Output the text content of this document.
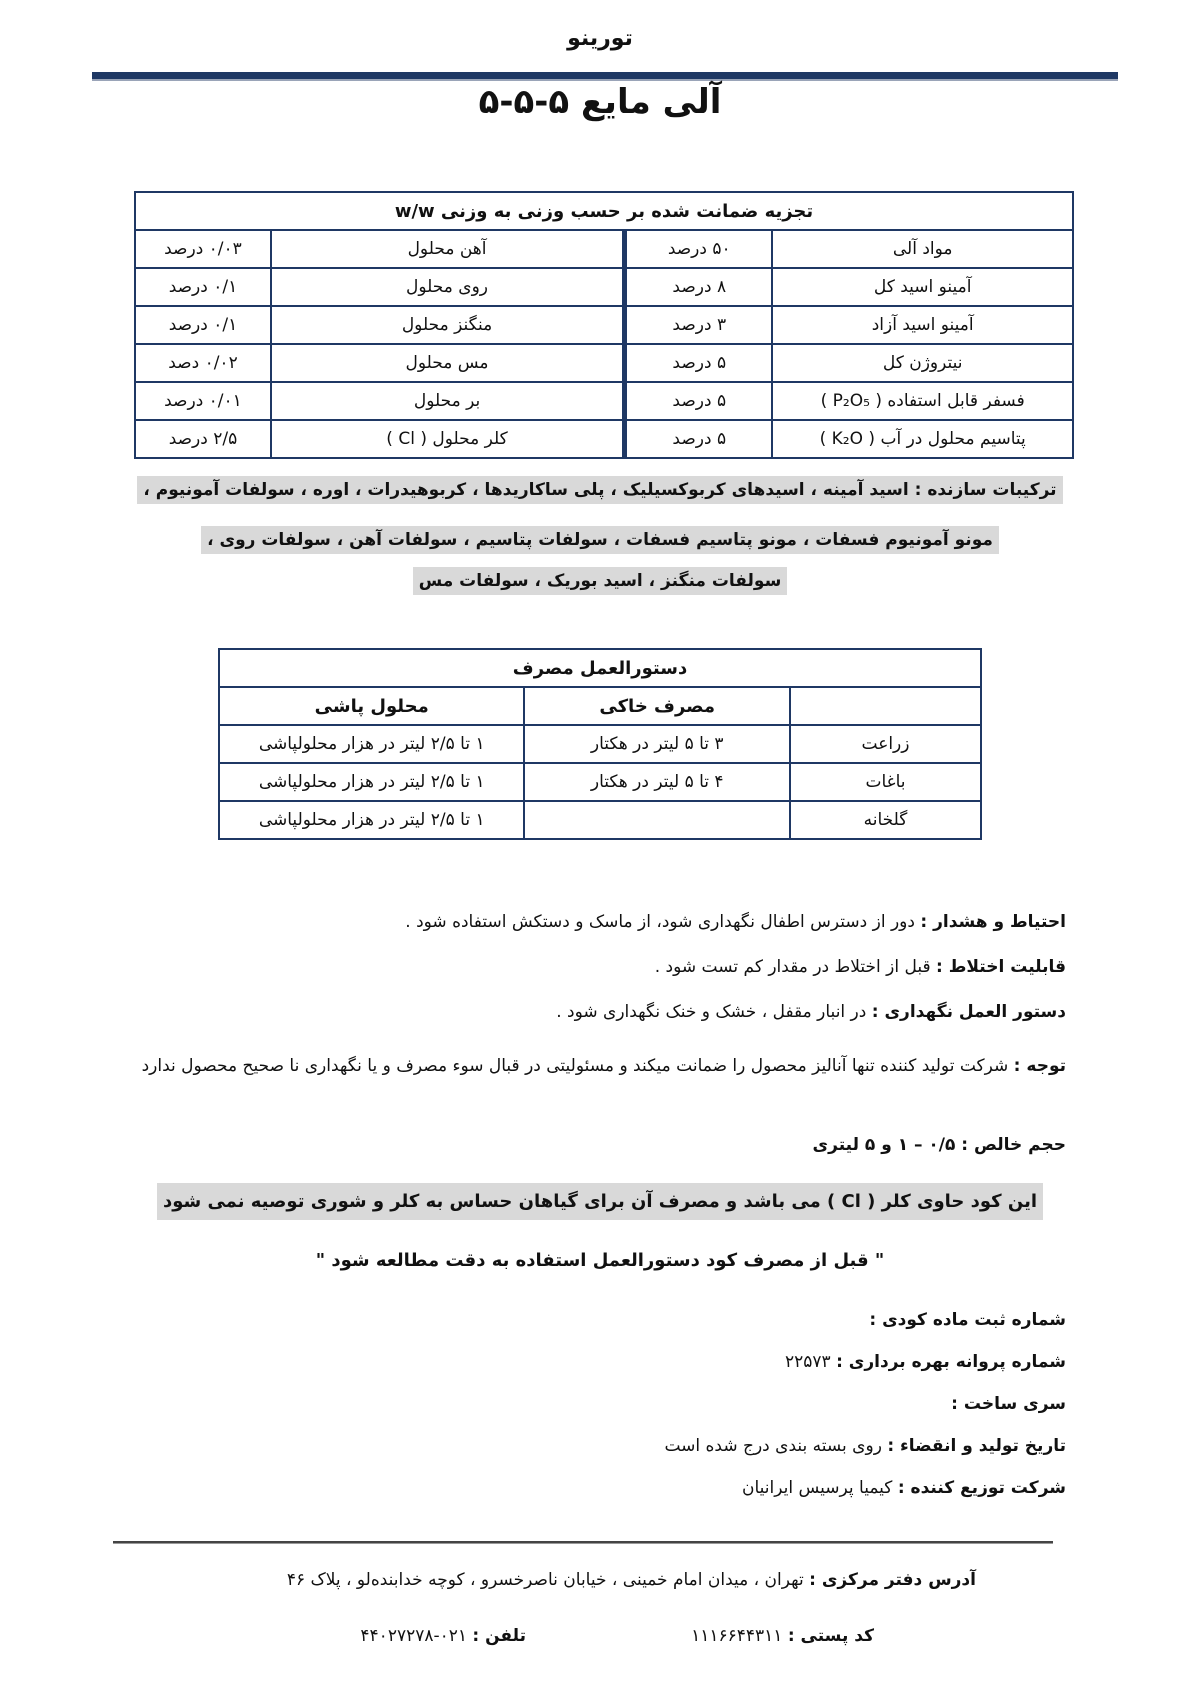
تورینو
آلی مایع ۵-۵-۵
تجزیه ضمانت شده بر حسب وزنی به وزنی w/w			
مواد آلی	۵۰ درصد	آهن محلول	۰/۰۳ درصد
آمینو اسید کل	۸ درصد	روی محلول	۰/۱ درصد
آمینو اسید آزاد	۳ درصد	منگنز محلول	۰/۱ درصد
نیتروژن کل	۵ درصد	مس محلول	۰/۰۲ دصد
فسفر قابل استفاده ( P₂O₅ )	۵ درصد	بر محلول	۰/۰۱ درصد
پتاسیم محلول در آب ( K₂O )	۵ درصد	کلر محلول ( Cl )	۲/۵ درصد
ترکیبات سازنده : اسید آمینه ، اسیدهای کربوکسیلیک ، پلی ساکاریدها ، کربوهیدرات ، اوره ، سولفات آمونیوم ،
مونو آمونیوم فسفات ، مونو پتاسیم فسفات ، سولفات پتاسیم ، سولفات آهن ، سولفات روی ،
سولفات منگنز ، اسید بوریک ، سولفات مس
دستورالعمل مصرف		
	مصرف خاکی	محلول پاشی
زراعت	۳ تا ۵ لیتر در هکتار	۱ تا ۲/۵ لیتر در هزار محلولپاشی
باغات	۴ تا ۵ لیتر در هکتار	۱ تا ۲/۵ لیتر در هزار محلولپاشی
گلخانه		۱ تا ۲/۵ لیتر در هزار محلولپاشی
احتیاط و هشدار : دور از دسترس اطفال نگهداری شود، از ماسک و دستکش استفاده شود .
قابلیت اختلاط : قبل از اختلاط در مقدار کم تست شود .
دستور العمل نگهداری : در انبار مقفل ، خشک و خنک نگهداری شود .
توجه : شرکت تولید کننده تنها آنالیز محصول را ضمانت میکند و مسئولیتی در قبال سوء مصرف و یا نگهداری نا صحیح محصول ندارد
حجم خالص : ۰/۵ – ۱ و ۵ لیتری
این کود حاوی کلر ( Cl ) می باشد و مصرف آن برای گیاهان حساس به کلر و شوری توصیه نمی شود
" قبل از مصرف کود دستورالعمل استفاده به دقت مطالعه شود "
شماره ثبت ماده کودی :
شماره پروانه بهره برداری : ۲۲۵۷۳
سری ساخت :
تاریخ تولید و انقضاء : روی بسته بندی درج شده است
شرکت توزیع کننده : کیمیا پرسیس ایرانیان
آدرس دفتر مرکزی : تهران ، میدان امام خمینی ، خیابان ناصرخسرو ، کوچه خدابنده‌لو ، پلاک ۴۶
کد پستی : ۱۱۱۶۶۴۴۳۱۱
تلفن : ۰۲۱-۴۴۰۲۷۲۷۸
